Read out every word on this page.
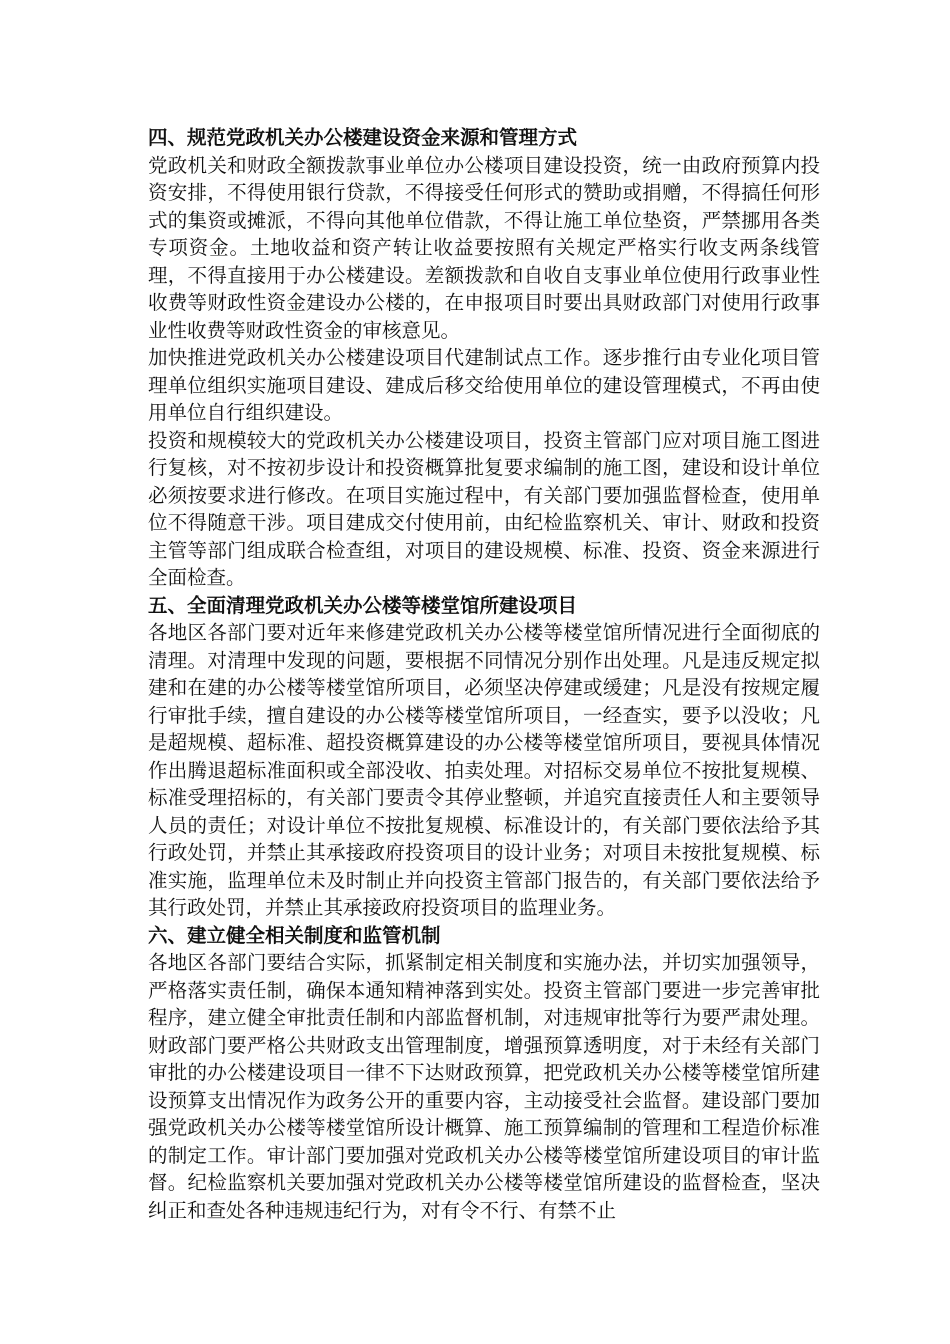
四、规范党政机关办公楼建设资金来源和管理方式

党政机关和财政全额拨款事业单位办公楼项目建设投资，统一由政府预算内投资安排，不得使用银行贷款，不得接受任何形式的赞助或捐赠，不得搞任何形式的集资或摊派，不得向其他单位借款，不得让施工单位垫资，严禁挪用各类专项资金。土地收益和资产转让收益要按照有关规定严格实行收支两条线管理，不得直接用于办公楼建设。差额拨款和自收自支事业单位使用行政事业性收费等财政性资金建设办公楼的，在申报项目时要出具财政部门对使用行政事业性收费等财政性资金的审核意见。

加快推进党政机关办公楼建设项目代建制试点工作。逐步推行由专业化项目管理单位组织实施项目建设、建成后移交给使用单位的建设管理模式，不再由使用单位自行组织建设。

投资和规模较大的党政机关办公楼建设项目，投资主管部门应对项目施工图进行复核，对不按初步设计和投资概算批复要求编制的施工图，建设和设计单位必须按要求进行修改。在项目实施过程中，有关部门要加强监督检查，使用单位不得随意干涉。项目建成交付使用前，由纪检监察机关、审计、财政和投资主管等部门组成联合检查组，对项目的建设规模、标准、投资、资金来源进行全面检查。

五、全面清理党政机关办公楼等楼堂馆所建设项目

各地区各部门要对近年来修建党政机关办公楼等楼堂馆所情况进行全面彻底的清理。对清理中发现的问题，要根据不同情况分别作出处理。凡是违反规定拟建和在建的办公楼等楼堂馆所项目，必须坚决停建或缓建；凡是没有按规定履行审批手续，擅自建设的办公楼等楼堂馆所项目，一经查实，要予以没收；凡是超规模、超标准、超投资概算建设的办公楼等楼堂馆所项目，要视具体情况作出腾退超标准面积或全部没收、拍卖处理。对招标交易单位不按批复规模、标准受理招标的，有关部门要责令其停业整顿，并追究直接责任人和主要领导人员的责任；对设计单位不按批复规模、标准设计的，有关部门要依法给予其行政处罚，并禁止其承接政府投资项目的设计业务；对项目未按批复规模、标准实施，监理单位未及时制止并向投资主管部门报告的，有关部门要依法给予其行政处罚，并禁止其承接政府投资项目的监理业务。

六、建立健全相关制度和监管机制

各地区各部门要结合实际，抓紧制定相关制度和实施办法，并切实加强领导，严格落实责任制，确保本通知精神落到实处。投资主管部门要进一步完善审批程序，建立健全审批责任制和内部监督机制，对违规审批等行为要严肃处理。财政部门要严格公共财政支出管理制度，增强预算透明度，对于未经有关部门审批的办公楼建设项目一律不下达财政预算，把党政机关办公楼等楼堂馆所建设预算支出情况作为政务公开的重要内容，主动接受社会监督。建设部门要加强党政机关办公楼等楼堂馆所设计概算、施工预算编制的管理和工程造价标准的制定工作。审计部门要加强对党政机关办公楼等楼堂馆所建设项目的审计监督。纪检监察机关要加强对党政机关办公楼等楼堂馆所建设的监督检查，坚决纠正和查处各种违规违纪行为，对有令不行、有禁不止
